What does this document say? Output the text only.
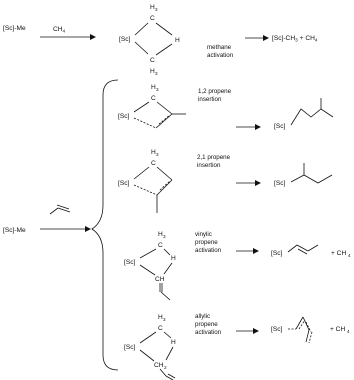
[Sc]-Me	$CH_4$
H 3
C
[Sc]	H
C
H 3
methane
activation
$[Sc]-CH_3 + CH_4$
[Sc]-Me
H 3
C
[Sc]
1,2 propene
insertion
[Sc]
H 3
C
[Sc]
2,1 propene
insertion
[Sc]
H 3
C
[Sc]
H
CH
vinylic
propene
activation	[Sc]	+ CH 4
H 3
C
[Sc]
H
CH 2
allylic
propene
activation	[Sc]	+ CH 4
